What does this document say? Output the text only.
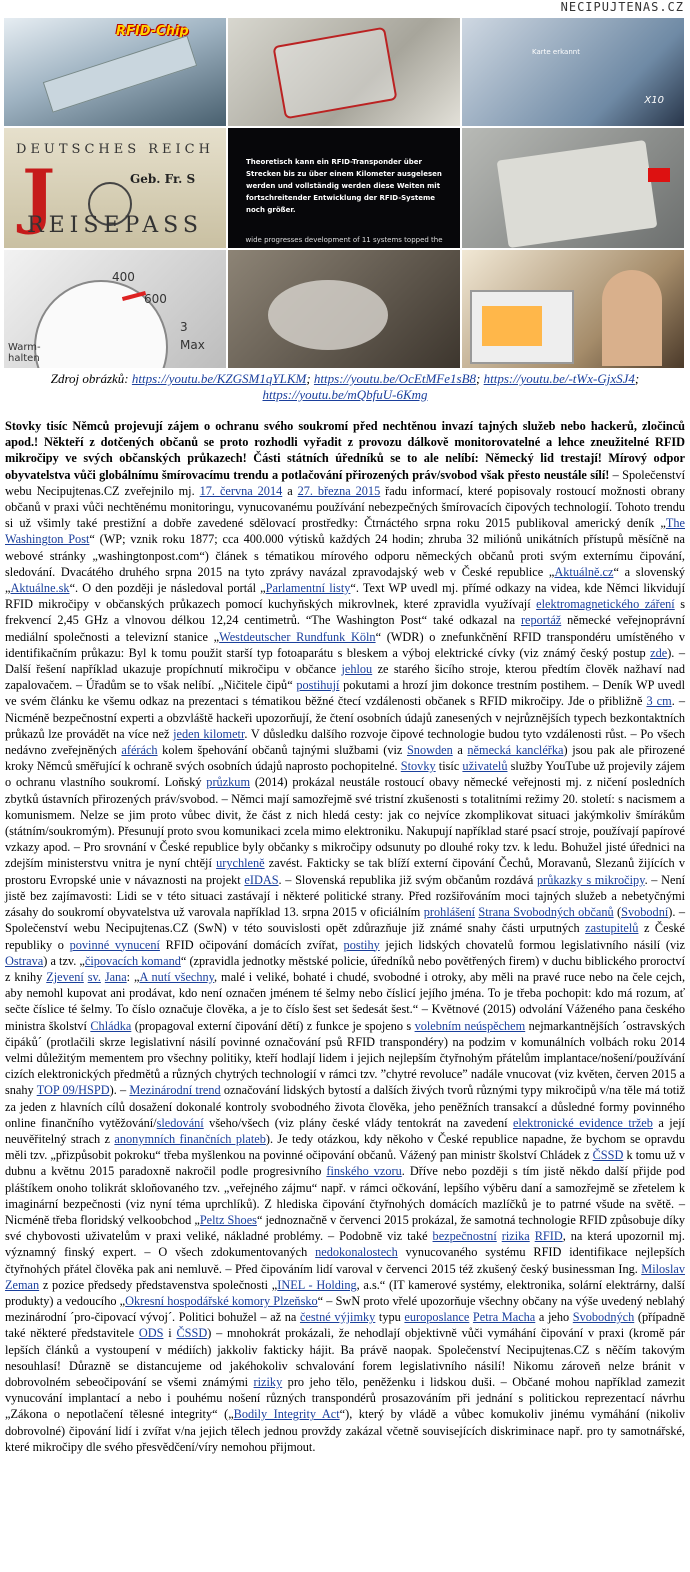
NECIPUJTENAS.CZ
RFID-Chip
Karte erkannt
X10
DEUTSCHES REICH
J	Geb. Fr. S
REISEPASS
Theoretisch kann ein RFID-Transponder über Strecken bis zu über einem Kilometer ausgelesen werden und vollständig werden diese Weiten mit fortschreitender Entwicklung der RFID-Systeme noch größer.
wide progresses development of 11 systems topped the
400
600
3
Max
Warm-halten
Zdroj obrázků: https://youtu.be/KZGSM1qYLKM; https://youtu.be/OcEtMFe1sB8; https://youtu.be/-tWx-GjxSJ4;
https://youtu.be/mQbfuU-6Kmg

Stovky tisíc Němců projevují zájem o ochranu svého soukromí před nechtěnou invazí tajných služeb nebo hackerů, zločinců apod.! Někteří z dotčených občanů se proto rozhodli vyřadit z provozu dálkově monitorovatelné a lehce zneužitelné RFID mikročipy ve svých občanských průkazech! Části státních úředníků se to ale nelíbí: Německý lid trestají! Mírový odpor obyvatelstva vůči globálnímu šmírovacímu trendu a potlačování přirozených práv/svobod však přesto neustále sílí! – Společenství webu Necipujtenas.CZ zveřejnilo mj. 17. června 2014 a 27. března 2015 řadu informací, které popisovaly rostoucí možnosti obrany občanů v praxi vůči nechtěnému monitoringu, vynucovanému používání nebezpečných šmírovacích čipových technologií. Tohoto trendu si už všimly také prestižní a dobře zavedené sdělovací prostředky: Čtrnáctého srpna roku 2015 publikoval americký deník „The Washington Post“ (WP; vznik roku 1877; cca 400.000 výtisků každých 24 hodin; zhruba 32 miliónů unikátních přístupů měsíčně na webové stránky „washingtonpost.com“) článek s tématikou mírového odporu německých občanů proti svým externímu čipování, sledování. Dvacátého druhého srpna 2015 na tyto zprávy navázal zpravodajský web v České republice „Aktuálně.cz“ a slovenský „Aktuálne.sk“. O den později je následoval portál „Parlamentní listy“. Text WP uvedl mj. přímé odkazy na videa, kde Němci likvidují RFID mikročipy v občanských průkazech pomocí kuchyňských mikrovlnek, které zpravidla využívají elektromagnetického záření s frekvencí 2,45 GHz a vlnovou délkou 12,24 centimetrů. “The Washington Post“ také odkazal na reportáž německé veřejnoprávní mediální společnosti a televizní stanice „Westdeutscher Rundfunk Köln“ (WDR) o znefunkčnění RFID transpondéru umístěného v identifikačním průkazu: Byl k tomu použit starší typ fotoaparátu s bleskem a výboj elektrické cívky (viz známý český postup zde). – Další řešení například ukazuje propíchnutí mikročipu v občance jehlou ze starého šicího stroje, kterou předtím člověk nažhaví nad zapalovačem. – Úřadům se to však nelíbí. „Ničitele čipů“ postihují pokutami a hrozí jim dokonce trestním postihem. – Deník WP uvedl ve svém článku ke všemu odkaz na prezentaci s tématikou běžné čtecí vzdálenosti občanek s RFID mikročipy. Jde o přibližně 3 cm. – Nicméně bezpečnostní experti a obzvláště hackeři upozorňují, že čtení osobních údajů zanesených v nejrůznějších typech bezkontaktních průkazů lze provádět na více než jeden kilometr. V důsledku dalšího rozvoje čipové technologie budou tyto vzdálenosti růst. – Po všech nedávno zveřejněných aférách kolem špehování občanů tajnými službami (viz Snowden a německá kancléřka) jsou pak ale přirozené kroky Němců směřující k ochraně svých osobních údajů naprosto pochopitelné. Stovky tisíc uživatelů služby YouTube už projevily zájem o ochranu vlastního soukromí. Loňský průzkum (2014) prokázal neustále rostoucí obavy německé veřejnosti mj. z ničení posledních zbytků ústavních přirozených práv/svobod. – Němci mají samozřejmě své tristní zkušenosti s totalitními režimy 20. století: s nacismem a komunismem. Nelze se jim proto vůbec divit, že část z nich hledá cesty: jak co nejvíce zkomplikovat situaci jakýmkoliv šmírákům (státním/soukromým). Přesunují proto svou komunikaci zcela mimo elektroniku. Nakupují například staré psací stroje, používají papírové vzkazy apod. – Pro srovnání v České republice byly občanky s mikročipy odsunuty po dlouhé roky tzv. k ledu. Bohužel jisté úřednici na zdejším ministerstvu vnitra je nyní chtějí urychleně zavést. Fakticky se tak blíží externí čipování Čechů, Moravanů, Slezanů žijících v prostoru Evropské unie v návaznosti na projekt eIDAS. – Slovenská republika již svým občanům rozdává průkazky s mikročipy. – Není jistě bez zajímavosti: Lidi se v této situaci zastávají i některé politické strany. Před rozšiřováním moci tajných služeb a nebetyčnými zásahy do soukromí obyvatelstva už varovala například 13. srpna 2015 v oficiálním prohlášení Strana Svobodných občanů (Svobodní). – Společenství webu Necipujtenas.CZ (SwN) v této souvislosti opět zdůrazňuje již známé snahy části urputných zastupitelů z České republiky o povinné vynucení RFID očipování domácích zvířat, postihy jejich lidských chovatelů formou legislativního násilí (viz Ostrava) a tzv. „čipovacích komand“ (zpravidla jednotky městské policie, úředníků nebo povětřených firem) v duchu biblického proroctví z knihy Zjevení sv. Jana: „A nutí všechny, malé i veliké, bohaté i chudé, svobodné i otroky, aby měli na pravé ruce nebo na čele cejch, aby nemohl kupovat ani prodávat, kdo není označen jménem té šelmy nebo číslicí jejího jména. To je třeba pochopit: kdo má rozum, ať sečte číslice té šelmy. To číslo označuje člověka, a je to číslo šest set šedesát šest.“ – Květnové (2015) odvolání Váženého pana českého ministra školství Chládka (propagoval externí čipování dětí) z funkce je spojeno s volebním neúspěchem nejmarkantnějších ´ostravských čipáků´ (protlačili skrze legislativní násilí povinné označování psů RFID transpondéry) na podzim v komunálních volbách roku 2014 velmi důležitým mementem pro všechny politiky, kteří hodlají lidem i jejich nejlepším čtyřnohým přátelům implantace/nošení/používání cizích elektronických předmětů a různých chytrých technologií v rámci tzv. ”chytré revoluce” nadále vnucovat (viz květen, červen 2015 a snahy TOP 09/HSPD). – Mezinárodní trend označování lidských bytostí a dalších živých tvorů různými typy mikročipů v/na těle má totiž za jeden z hlavních cílů dosažení dokonalé kontroly svobodného života člověka, jeho peněžních transakcí a důsledné formy povinného online finančního vytěžování/sledování všeho/všech (viz plány české vlády tentokrát na zavedení elektronické evidence tržeb a její neuvěřitelný strach z anonymních finančních plateb). Je tedy otázkou, kdy někoho v České republice napadne, že bychom se opravdu měli tzv. „přizpůsobit pokroku“ třeba myšlenkou na povinné očipování občanů. Vážený pan ministr školství Chládek z ČSSD k tomu už v dubnu a květnu 2015 paradoxně nakročil podle progresivního finského vzoru. Dříve nebo později s tím jistě někdo další přijde pod pláštíkem onoho tolikrát skloňovaného tzv. „veřejného zájmu“ např. v rámci očkování, lepšího výběru daní a samozřejmě se zřetelem k imaginární bezpečnosti (viz nyní téma uprchlíků). Z hlediska čipování čtyřnohých domácích mazlíčků je to patrné všude na světě. – Nicméně třeba floridský velkoobchod „Peltz Shoes“ jednoznačně v červenci 2015 prokázal, že samotná technologie RFID způsobuje díky své chybovosti uživatelům v praxi veliké, nákladné problémy. – Podobně viz také bezpečnostní rizika RFID, na která upozornil mj. významný finský expert. – O všech zdokumentovaných nedokonalostech vynucovaného systému RFID identifikace nejlepších čtyřnohých přátel člověka pak ani nemluvě. – Před čipováním lidí varoval v červenci 2015 též zkušený český businessman Ing. Miloslav Zeman z pozice předsedy představenstva společnosti „INEL - Holding, a.s.“ (IT kamerové systémy, elektronika, solární elektrárny, další produkty) a vedoucího „Okresní hospodářské komory Plzeňsko“ – SwN proto vřelé upozorňuje všechny občany na výše uvedený neblahý mezinárodní ´pro-čipovací vývoj´. Politici bohužel – až na čestné výjimky typu europoslance Petra Macha a jeho Svobodných (případně také některé představitele ODS i ČSSD) – mnohokrát prokázali, že nehodlají objektivně vůči vymáhání čipování v praxi (kromě pár lepších článků a vystoupení v médiích) jakkoliv fakticky hájit. Ba právě naopak. Společenství Necipujtenas.CZ s něčím takovým nesouhlasí! Důrazně se distancujeme od jakéhokoliv schvalování forem legislativního násilí! Nikomu zároveň nelze bránit v dobrovolném sebeočipování se všemi známými riziky pro jeho tělo, peněženku i lidskou duši. – Občané mohou například zamezit vynucování implantací a nebo i pouhému nošení různých transpondérů prosazováním při jednání s politickou reprezentací návrhu „Zákona o nepotlačení tělesné integrity“ („Bodily Integrity Act“), který by vládě a vůbec komukoliv jinému vymáhání (nikoliv dobrovolné) čipování lidí i zvířat v/na jejich tělech jednou provždy zakázal včetně souvisejících diskriminace např. pro ty samotnářské, které mikročipy dle svého přesvědčení/víry nemohou přijmout.
